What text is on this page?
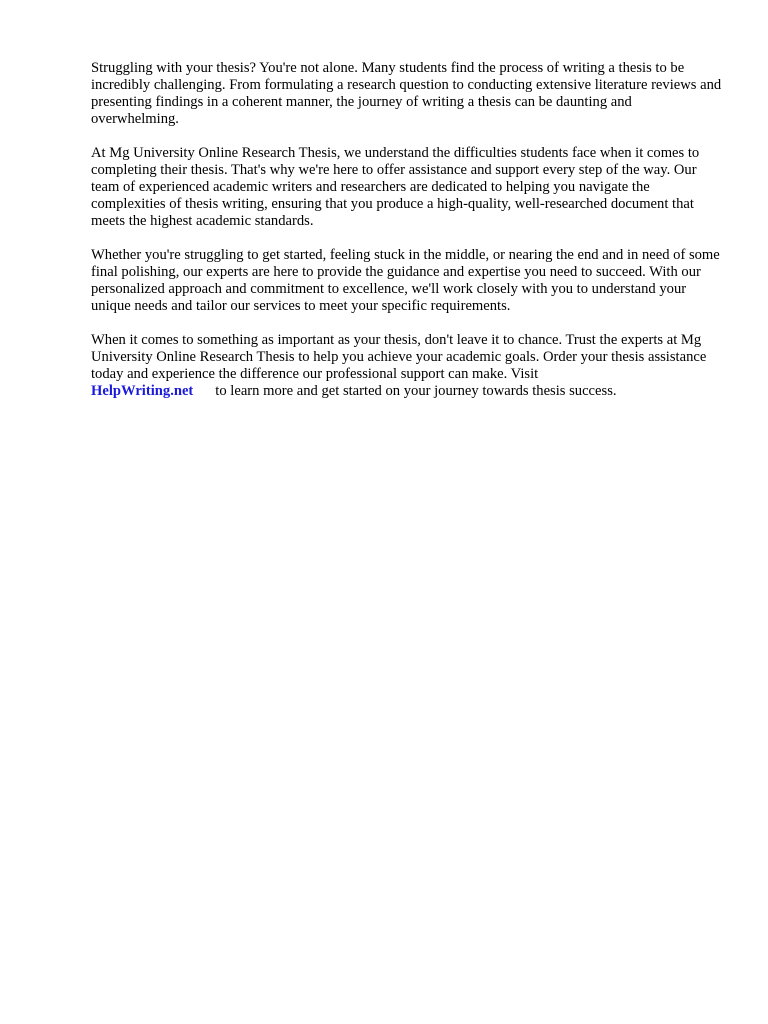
Struggling with your thesis? You're not alone. Many students find the process of writing a thesis to be incredibly challenging. From formulating a research question to conducting extensive literature reviews and presenting findings in a coherent manner, the journey of writing a thesis can be daunting and overwhelming.

At Mg University Online Research Thesis, we understand the difficulties students face when it comes to completing their thesis. That's why we're here to offer assistance and support every step of the way. Our team of experienced academic writers and researchers are dedicated to helping you navigate the complexities of thesis writing, ensuring that you produce a high-quality, well-researched document that meets the highest academic standards.

Whether you're struggling to get started, feeling stuck in the middle, or nearing the end and in need of some final polishing, our experts are here to provide the guidance and expertise you need to succeed. With our personalized approach and commitment to excellence, we'll work closely with you to understand your unique needs and tailor our services to meet your specific requirements.

When it comes to something as important as your thesis, don't leave it to chance. Trust the experts at Mg University Online Research Thesis to help you achieve your academic goals. Order your thesis assistance today and experience the difference our professional support can make. Visit
HelpWriting.net to learn more and get started on your journey towards thesis success.
